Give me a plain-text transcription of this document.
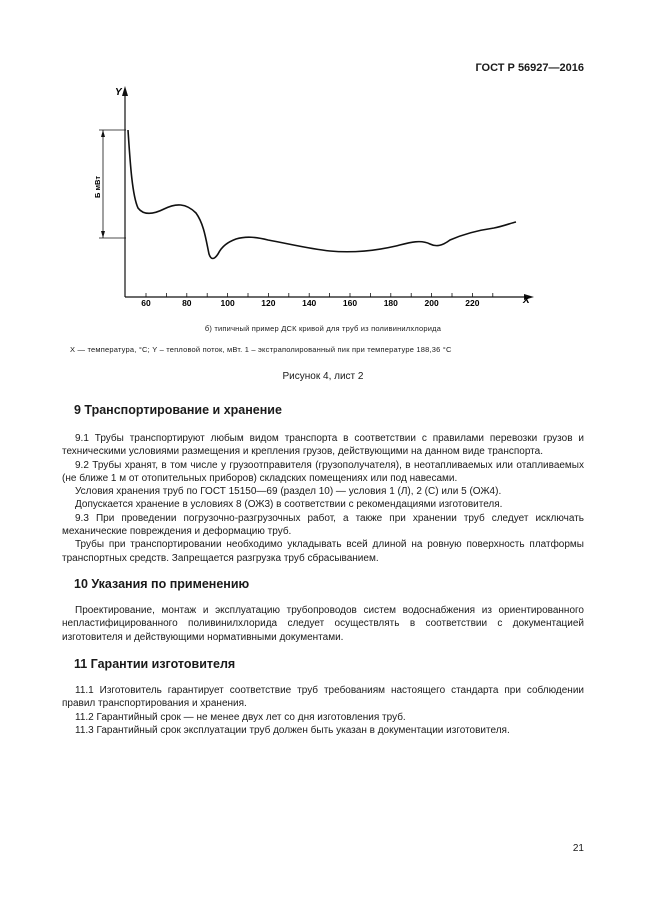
ГОСТ Р 56927—2016
Y
X
60	80	100	120	140	160	180	200	220
Б мВт
б) типичный пример ДСК кривой для труб из поливинилхлорида
X — температура, °С; Y – тепловой поток, мВт. 1 – экстраполированный пик при температуре 188,36 °С
Рисунок 4, лист 2
9 Транспортирование и хранение

9.1 Трубы транспортируют любым видом транспорта в соответствии с правилами перевозки грузов и техническими условиями размещения и крепления грузов, действующими на данном виде транспорта.

9.2 Трубы хранят, в том числе у грузоотправителя (грузополучателя), в неотапливаемых или отапливаемых (не ближе 1 м от отопительных приборов) складских помещениях или под навесами.

Условия хранения труб по ГОСТ 15150—69 (раздел 10) — условия 1 (Л), 2 (С) или 5 (ОЖ4).

Допускается хранение в условиях 8 (ОЖ3) в соответствии с рекомендациями изготовителя.

9.3 При проведении погрузочно-разгрузочных работ, а также при хранении труб следует исключать механические повреждения и деформацию труб.

Трубы при транспортировании необходимо укладывать всей длиной на ровную поверхность платформы транспортных средств. Запрещается разгрузка труб сбрасыванием.

10 Указания по применению

Проектирование, монтаж и эксплуатацию трубопроводов систем водоснабжения из ориентированного непластифицированного поливинилхлорида следует осуществлять в соответствии с документацией изготовителя и действующими нормативными документами.

11 Гарантии изготовителя

11.1 Изготовитель гарантирует соответствие труб требованиям настоящего стандарта при соблюдении правил транспортирования и хранения.

11.2 Гарантийный срок — не менее двух лет со дня изготовления труб.

11.3 Гарантийный срок эксплуатации труб должен быть указан в документации изготовителя.

21
